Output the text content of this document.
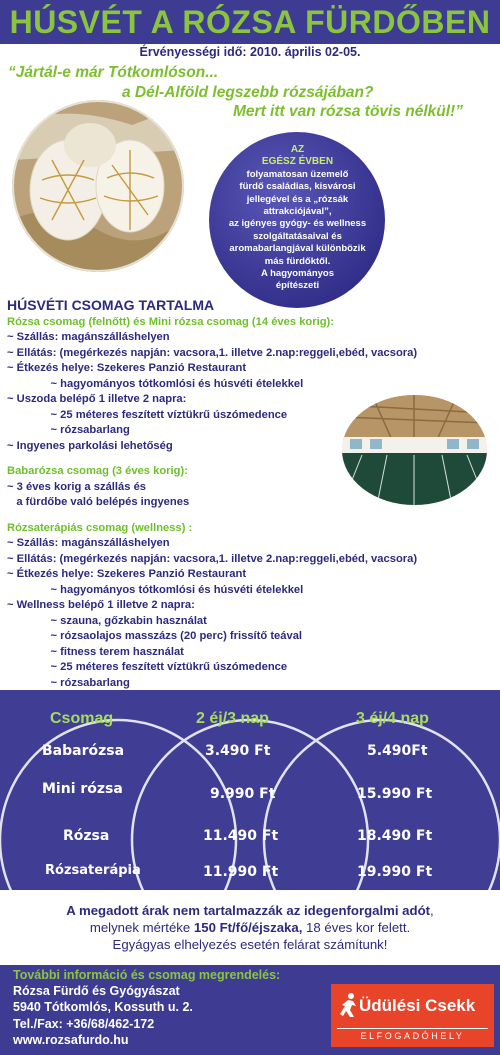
HÚSVÉT A RÓZSA FÜRDŐBEN
Érvényességi idő: 2010. április 02-05.
“Jártál-e már Tótkomlóson...
a Dél-Alföld legszebb rózsájában?
Mert itt van rózsa tövis nélkül!”
AZ
EGÉSZ ÉVBEN
folyamatosan üzemelő
fürdő családias, kisvárosi
jellegével és a „rózsák
attrakciójával”,
az igényes gyógy- és wellness
szolgáltatásaival és
aromabarlangjával különbözik
más fürdőktől.
A hagyományos
építészeti
HÚSVÉTI CSOMAG TARTALMA

Rózsa csomag (felnőtt) és Mini rózsa csomag (14 éves korig):

~ Szállás: magánszálláshelyen

~ Ellátás: (megérkezés napján: vacsora,1. illetve 2.nap:reggeli,ebéd, vacsora)

~ Étkezés helye: Szekeres Panzió Restaurant

~ hagyományos tótkomlósi és húsvéti ételekkel

~ Uszoda belépő 1 illetve 2 napra:

~ 25 méteres feszített víztükrű úszómedence

~ rózsabarlang

~ Ingyenes parkolási lehetőség

Babarózsa csomag (3 éves korig):

~ 3 éves korig a szállás és

a fürdőbe való belépés ingyenes

Rózsaterápiás csomag (wellness) :

~ Szállás: magánszálláshelyen

~ Ellátás: (megérkezés napján: vacsora,1. illetve 2.nap:reggeli,ebéd, vacsora)

~ Étkezés helye: Szekeres Panzió Restaurant

~ hagyományos tótkomlósi és húsvéti ételekkel

~ Wellness belépő 1 illetve 2 napra:

~ szauna, gőzkabin használat

~ rózsaolajos masszázs (20 perc) frissítő teával

~ fitness terem használat

~ 25 méteres feszített víztükrű úszómedence

~ rózsabarlang

Csomag	2 éj/3 nap	3 éj/4 nap
Babarózsa	3.490 Ft	5.490Ft
Mini rózsa	9.990 Ft	15.990 Ft
Rózsa	11.490 Ft	18.490 Ft
Rózsaterápia	11.990 Ft	19.990 Ft
A megadott árak nem tartalmazzák az idegenforgalmi adót,
melynek mértéke 150 Ft/fő/éjszaka, 18 éves kor felett.
Egyágyas elhelyezés esetén felárat számítunk!
További információ és csomag megrendelés:
Rózsa Fürdő és Gyógyászat
5940 Tótkomlós, Kossuth u. 2.
Tel./Fax: +36/68/462-172
www.rozsafurdo.hu
Üdülési Csekk
ELFOGADÓHELY
